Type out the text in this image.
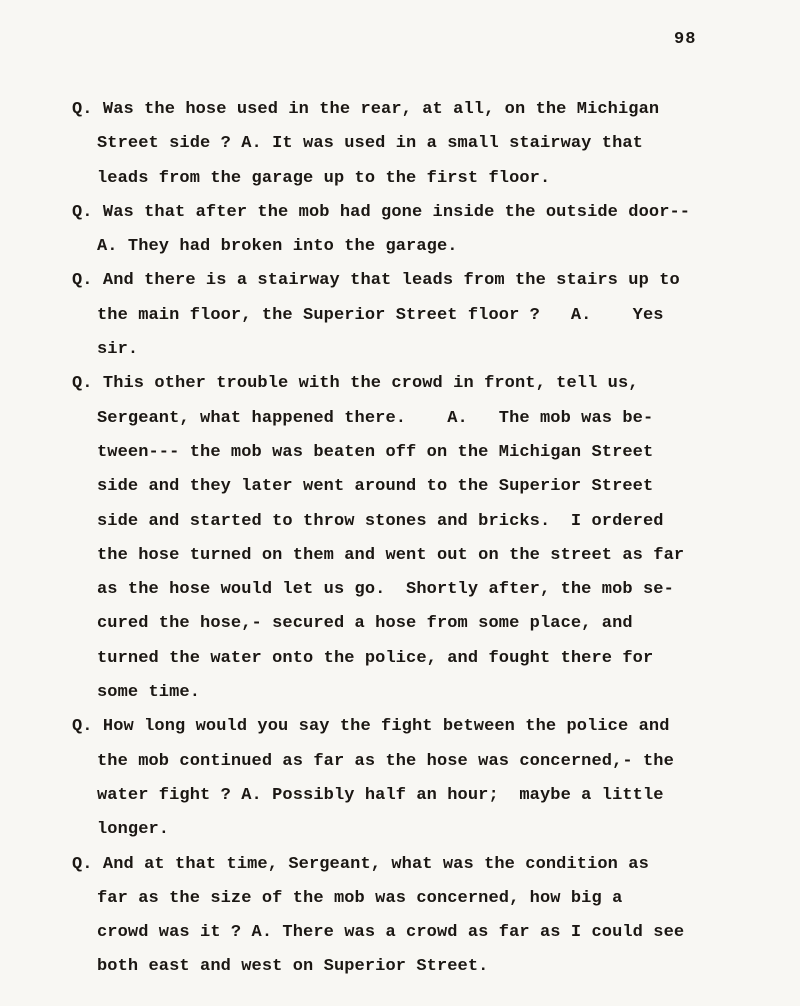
98
Q. Was the hose used in the rear, at all, on the Michigan
Street side ? A. It was used in a small stairway that
leads from the garage up to the first floor.
Q. Was that after the mob had gone inside the outside door--
A. They had broken into the garage.
Q. And there is a stairway that leads from the stairs up to
the main floor, the Superior Street floor ?   A.    Yes
sir.
Q. This other trouble with the crowd in front, tell us,
Sergeant, what happened there.    A.   The mob was be-
tween--- the mob was beaten off on the Michigan Street
side and they later went around to the Superior Street
side and started to throw stones and bricks.  I ordered
the hose turned on them and went out on the street as far
as the hose would let us go.  Shortly after, the mob se-
cured the hose,- secured a hose from some place, and
turned the water onto the police, and fought there for
some time.
Q. How long would you say the fight between the police and
the mob continued as far as the hose was concerned,- the
water fight ? A. Possibly half an hour;  maybe a little
longer.
Q. And at that time, Sergeant, what was the condition as
far as the size of the mob was concerned, how big a
crowd was it ? A. There was a crowd as far as I could see
both east and west on Superior Street.
